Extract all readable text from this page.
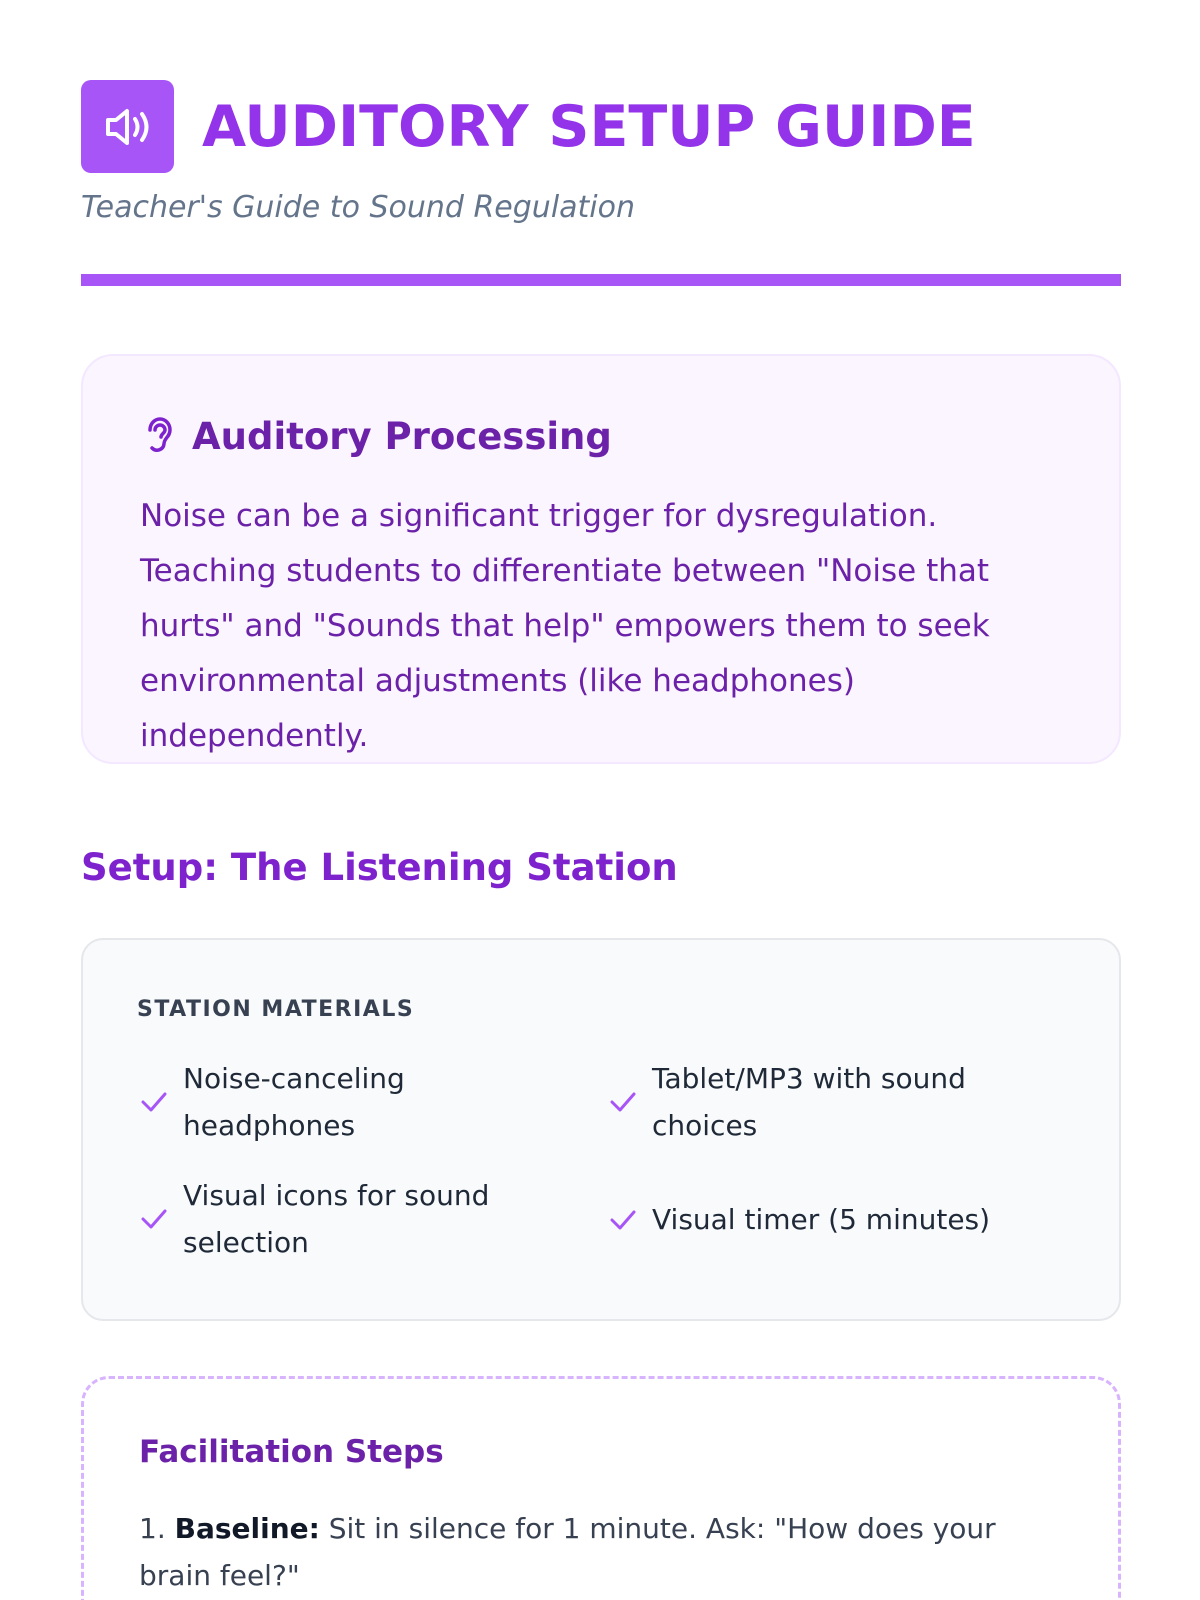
AUDITORY SETUP GUIDE
Teacher's Guide to Sound Regulation
Auditory Processing

Noise can be a significant trigger for dysregulation. Teaching students to differentiate between "Noise that hurts" and "Sounds that help" empowers them to seek environmental adjustments (like headphones) independently.

Setup: The Listening Station
STATION MATERIALS
Noise-canceling headphones
Tablet/MP3 with sound choices
Visual icons for sound selection
Visual timer (5 minutes)
Facilitation Steps

1. Baseline: Sit in silence for 1 minute. Ask: "How does your brain feel?"
